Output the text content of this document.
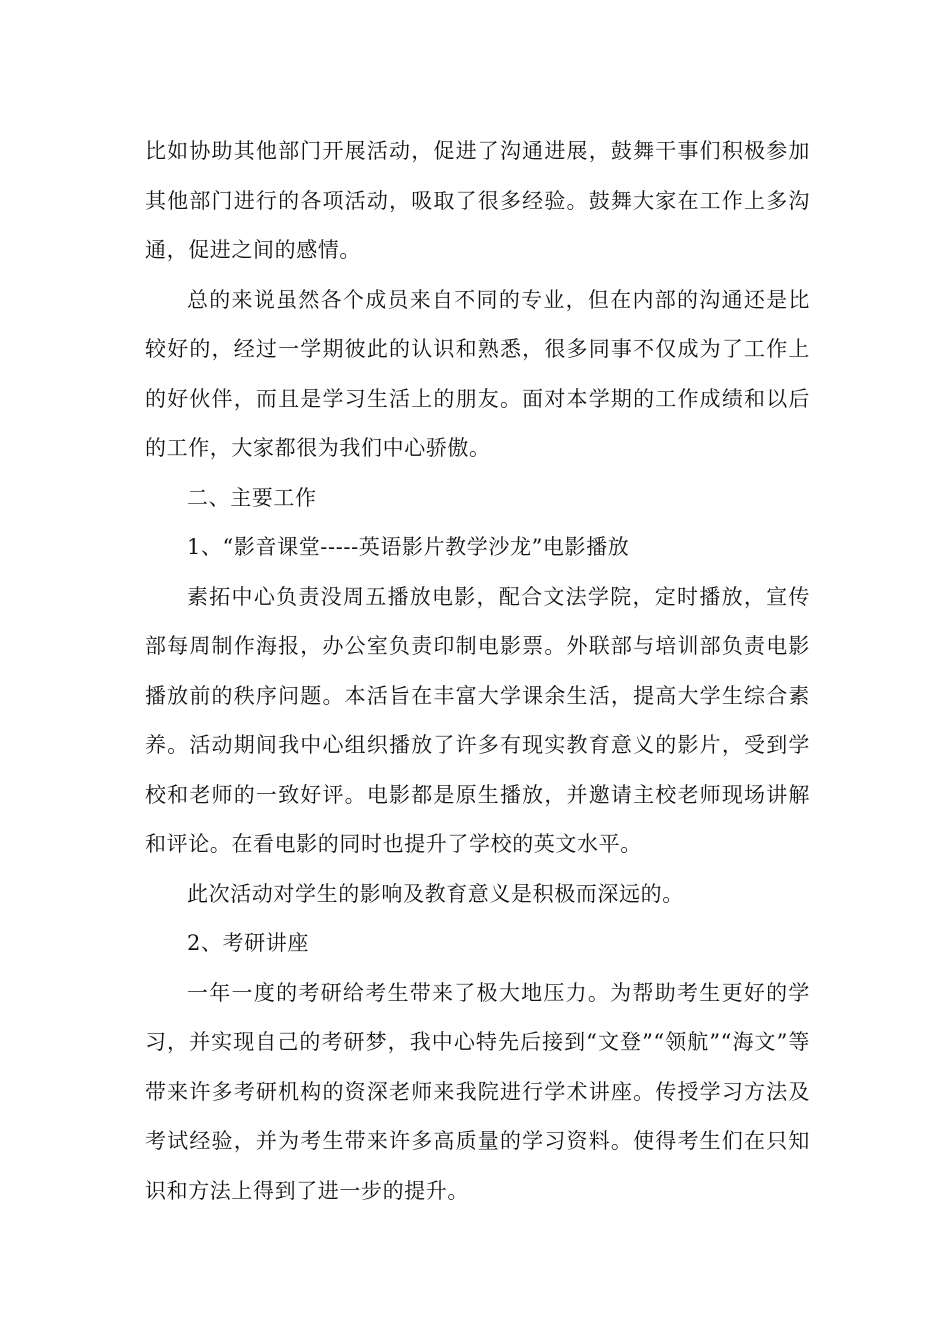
比如协助其他部门开展活动，促进了沟通进展，鼓舞干事们积极参加其他部门进行的各项活动，吸取了很多经验。鼓舞大家在工作上多沟通，促进之间的感情。

总的来说虽然各个成员来自不同的专业，但在内部的沟通还是比较好的，经过一学期彼此的认识和熟悉，很多同事不仅成为了工作上的好伙伴，而且是学习生活上的朋友。面对本学期的工作成绩和以后的工作，大家都很为我们中心骄傲。

二、主要工作

1、“影音课堂-----英语影片教学沙龙”电影播放

素拓中心负责没周五播放电影，配合文法学院，定时播放，宣传部每周制作海报，办公室负责印制电影票。外联部与培训部负责电影播放前的秩序问题。本活旨在丰富大学课余生活，提高大学生综合素养。活动期间我中心组织播放了许多有现实教育意义的影片，受到学校和老师的一致好评。电影都是原生播放，并邀请主校老师现场讲解和评论。在看电影的同时也提升了学校的英文水平。

此次活动对学生的影响及教育意义是积极而深远的。

2、考研讲座

一年一度的考研给考生带来了极大地压力。为帮助考生更好的学习，并实现自己的考研梦，我中心特先后接到“文登”“领航”“海文”等带来许多考研机构的资深老师来我院进行学术讲座。传授学习方法及考试经验，并为考生带来许多高质量的学习资料。使得考生们在只知识和方法上得到了进一步的提升。
